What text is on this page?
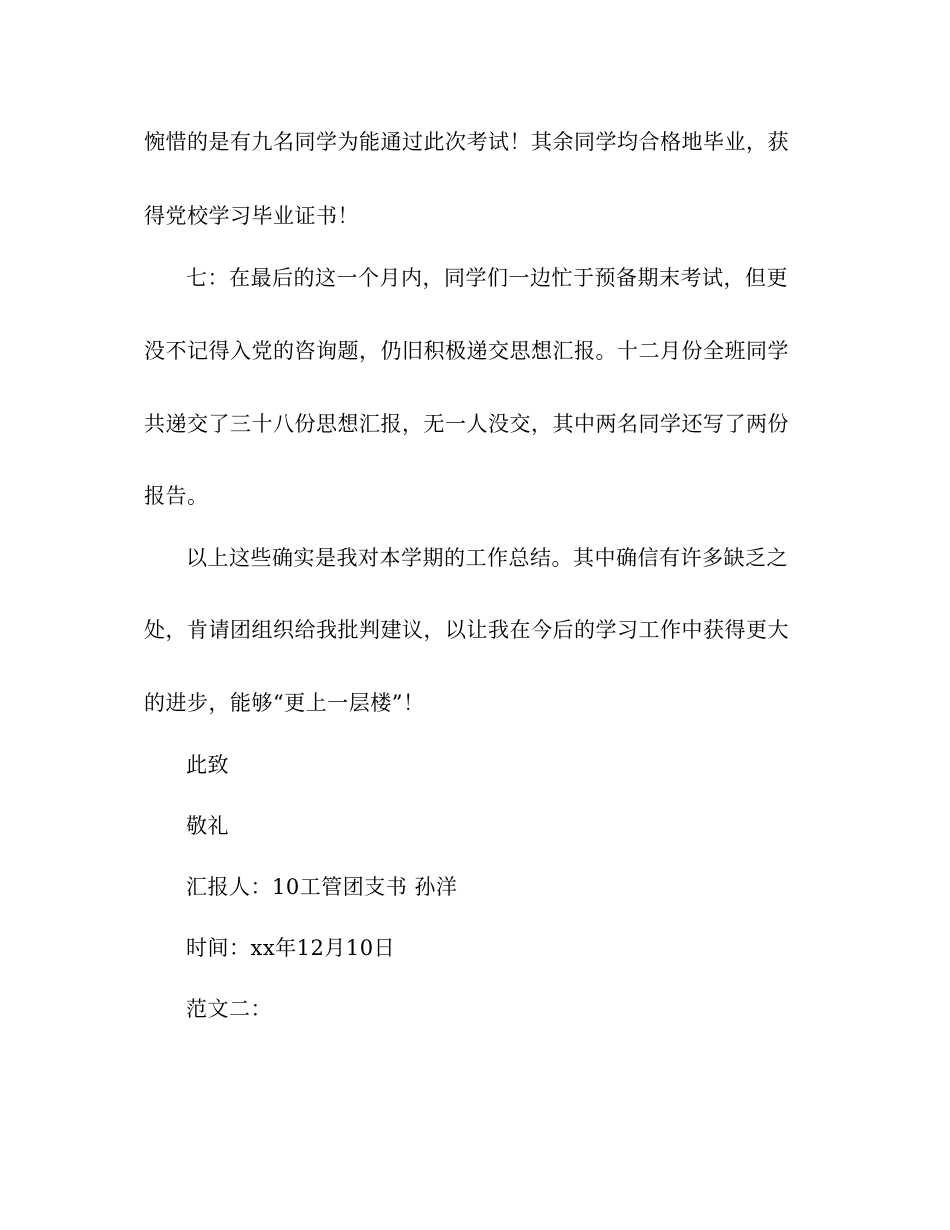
惋惜的是有九名同学为能通过此次考试！其余同学均合格地毕业，获
得党校学习毕业证书！
七：在最后的这一个月内，同学们一边忙于预备期末考试，但更
没不记得入党的咨询题，仍旧积极递交思想汇报。十二月份全班同学
共递交了三十八份思想汇报，无一人没交，其中两名同学还写了两份
报告。
以上这些确实是我对本学期的工作总结。其中确信有许多缺乏之
处，肯请团组织给我批判建议，以让我在今后的学习工作中获得更大
的进步，能够“更上一层楼”！
此致
敬礼
汇报人：10工管团支书 孙洋
时间：xx年12月10日
范文二：
